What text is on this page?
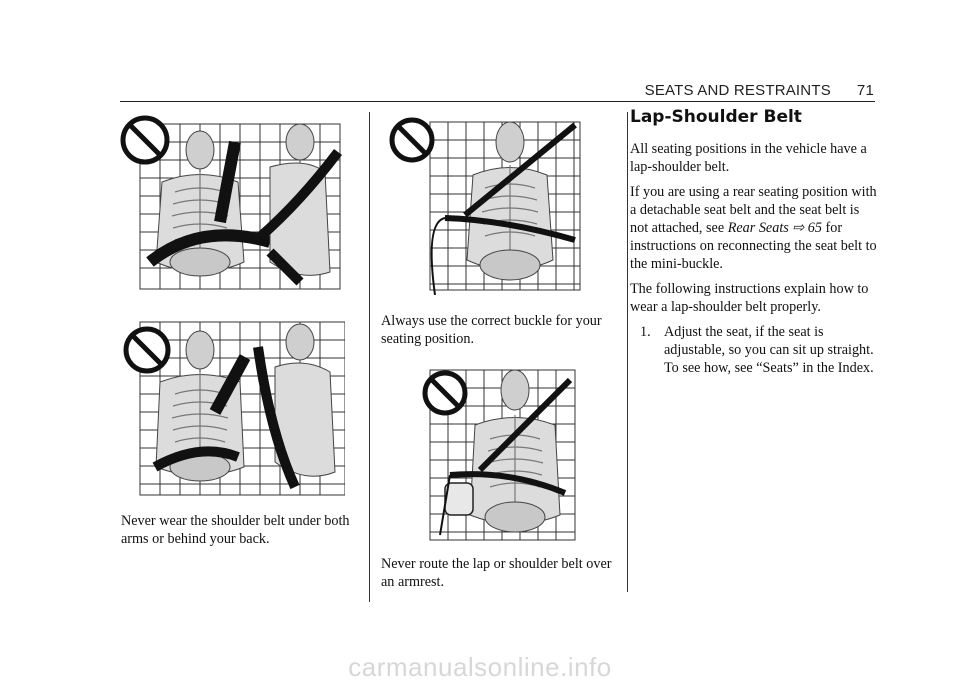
SEATS AND RESTRAINTS 71
Never wear the shoulder belt under both arms or behind your back.
Always use the correct buckle for your seating position.
Never route the lap or shoulder belt over an armrest.
Lap-Shoulder Belt

All seating positions in the vehicle have a lap-shoulder belt.

If you are using a rear seating position with a detachable seat belt and the seat belt is not attached, see Rear Seats ⇨ 65 for instructions on reconnecting the seat belt to the mini-buckle.

The following instructions explain how to wear a lap-shoulder belt properly.

1. Adjust the seat, if the seat is adjustable, so you can sit up straight. To see how, see “Seats” in the Index.
carmanualsonline.info
